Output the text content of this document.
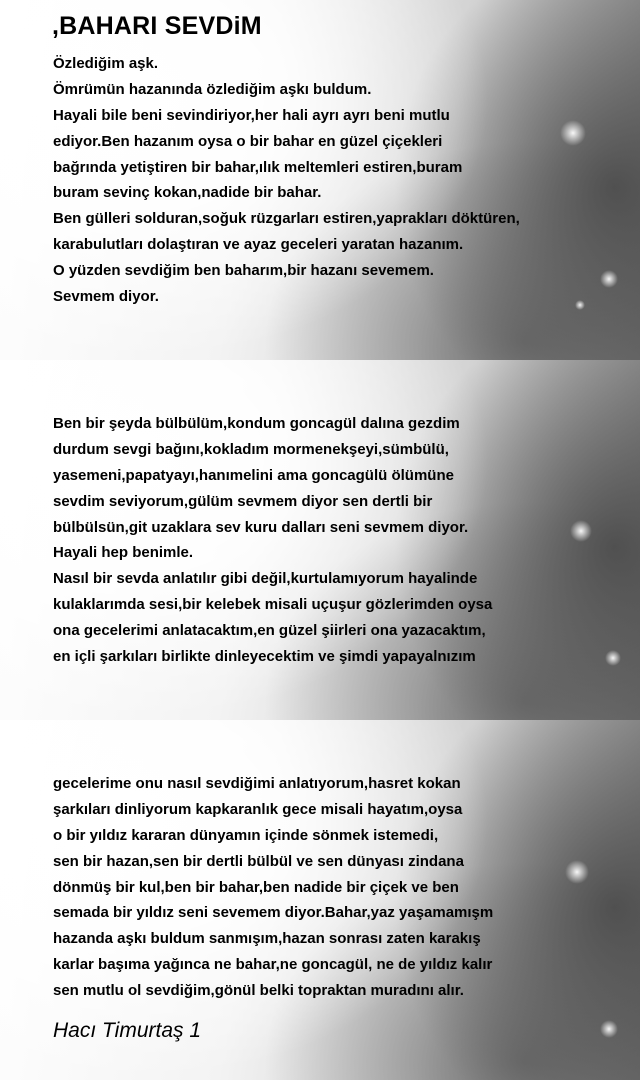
,BAHARI SEVDiM
Özlediğim aşk.
Ömrümün hazanında özlediğim aşkı buldum.
Hayali bile beni sevindiriyor,her hali ayrı ayrı beni mutlu
ediyor.Ben hazanım oysa o bir bahar en güzel çiçekleri
bağrında yetiştiren bir bahar,ılık meltemleri estiren,buram
buram sevinç kokan,nadide bir bahar.
Ben gülleri solduran,soğuk rüzgarları estiren,yaprakları döktüren,
karabulutları dolaştıran ve ayaz geceleri yaratan hazanım.
O yüzden sevdiğim ben baharım,bir hazanı sevemem.
Sevmem diyor.
Ben bir şeyda bülbülüm,kondum goncagül dalına gezdim
durdum sevgi bağını,kokladım mormenekşeyi,sümbülü,
yasemeni,papatyayı,hanımelini ama goncagülü ölümüne
sevdim seviyorum,gülüm sevmem diyor sen dertli bir
bülbülsün,git uzaklara sev kuru dalları seni sevmem diyor.
Hayali hep benimle.
Nasıl bir sevda anlatılır gibi değil,kurtulamıyorum hayalinde
kulaklarımda sesi,bir kelebek misali uçuşur gözlerimden oysa
ona gecelerimi anlatacaktım,en güzel şiirleri ona yazacaktım,
en içli şarkıları birlikte dinleyecektim ve şimdi yapayalnızım
gecelerime onu nasıl sevdiğimi anlatıyorum,hasret kokan
şarkıları dinliyorum kapkaranlık gece misali hayatım,oysa
o bir yıldız kararan dünyamın içinde sönmek istemedi,
sen bir hazan,sen bir dertli bülbül ve sen dünyası zindana
dönmüş bir kul,ben bir bahar,ben nadide bir çiçek ve ben
semada bir yıldız seni sevemem diyor.Bahar,yaz yaşamamışm
hazanda aşkı buldum sanmışım,hazan sonrası zaten karakış
karlar başıma yağınca ne bahar,ne goncagül, ne de yıldız kalır
sen mutlu ol sevdiğim,gönül belki topraktan muradını alır.
Hacı Timurtaş 1
